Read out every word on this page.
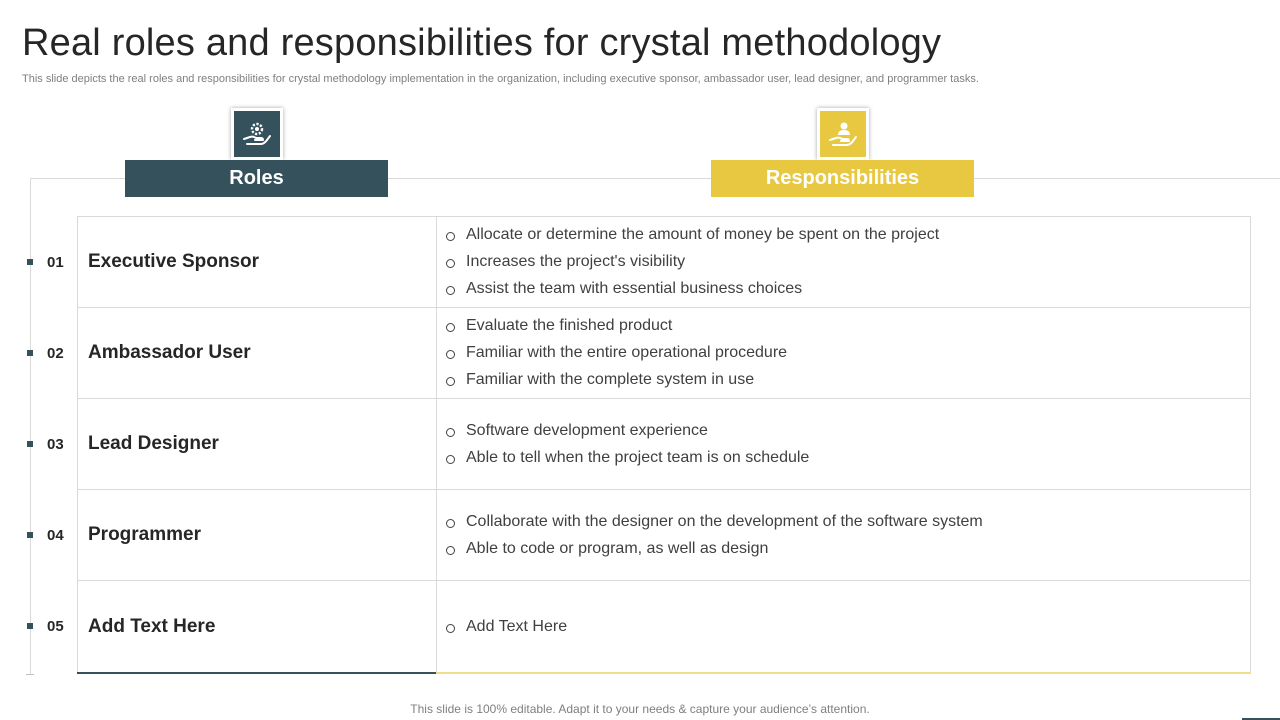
Real roles and responsibilities for crystal methodology
This slide depicts the real roles and responsibilities for crystal methodology implementation in the organization, including executive sponsor, ambassador user, lead designer, and programmer tasks.
Roles	Responsibilities
Executive Sponsor
Allocate or determine the amount of money be spent on the project
Increases the project's visibility
Assist the team with essential business choices
Ambassador User
Evaluate the finished product
Familiar with the entire operational procedure
Familiar with the complete system in use
Lead Designer
Software development experience
Able to tell when the project team is on schedule
Programmer
Collaborate with the designer on the development of the software system
Able to code or program, as well as design
Add Text Here	Add Text Here
01
02
03
04
05
This slide is 100% editable. Adapt it to your needs & capture your audience’s attention.
